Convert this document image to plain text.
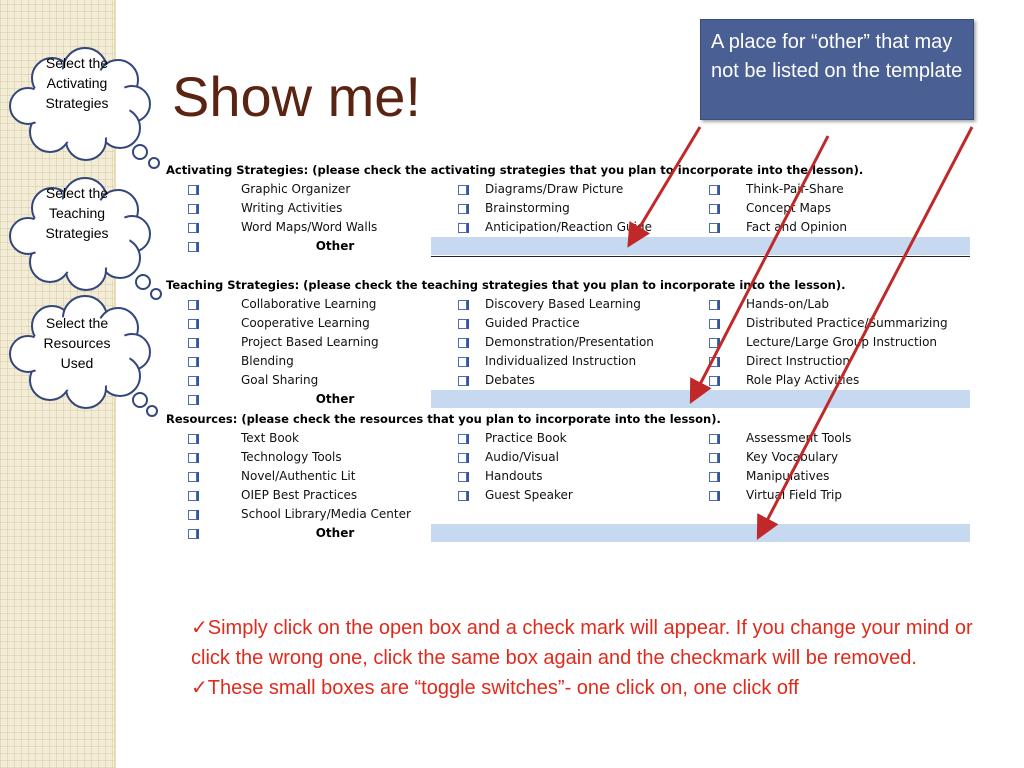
Select the Activating Strategies
Select the Teaching Strategies
Select the Resources Used
Show me!
A place for “other” that may not be listed on the template
Activating Strategies: (please check the activating strategies that you plan to incorporate into the lesson).
Graphic Organizer	Diagrams/Draw Picture	Think-Pair-Share
Writing Activities	Brainstorming	Concept Maps
Word Maps/Word Walls	Anticipation/Reaction Guide	Fact and Opinion
Other
Teaching Strategies: (please check the teaching strategies that you plan to incorporate into the lesson).
Collaborative Learning	Discovery Based Learning	Hands-on/Lab
Cooperative Learning	Guided Practice	Distributed Practice/Summarizing
Project Based Learning	Demonstration/Presentation	Lecture/Large Group Instruction
Blending	Individualized Instruction	Direct Instruction
Goal Sharing	Debates	Role Play Activities
Other
Resources: (please check the resources that you plan to incorporate into the lesson).
Text Book	Practice Book	Assessment Tools
Technology Tools	Audio/Visual	Key Vocabulary
Novel/Authentic Lit	Handouts	Manipulatives
OIEP Best Practices	Guest Speaker	Virtual Field Trip
School Library/Media Center
Other

✓Simply click on the open box and a check mark will appear. If you change your mind or click the wrong one, click the same box again and the checkmark will be removed.

✓These small boxes are “toggle switches”- one click on, one click off
